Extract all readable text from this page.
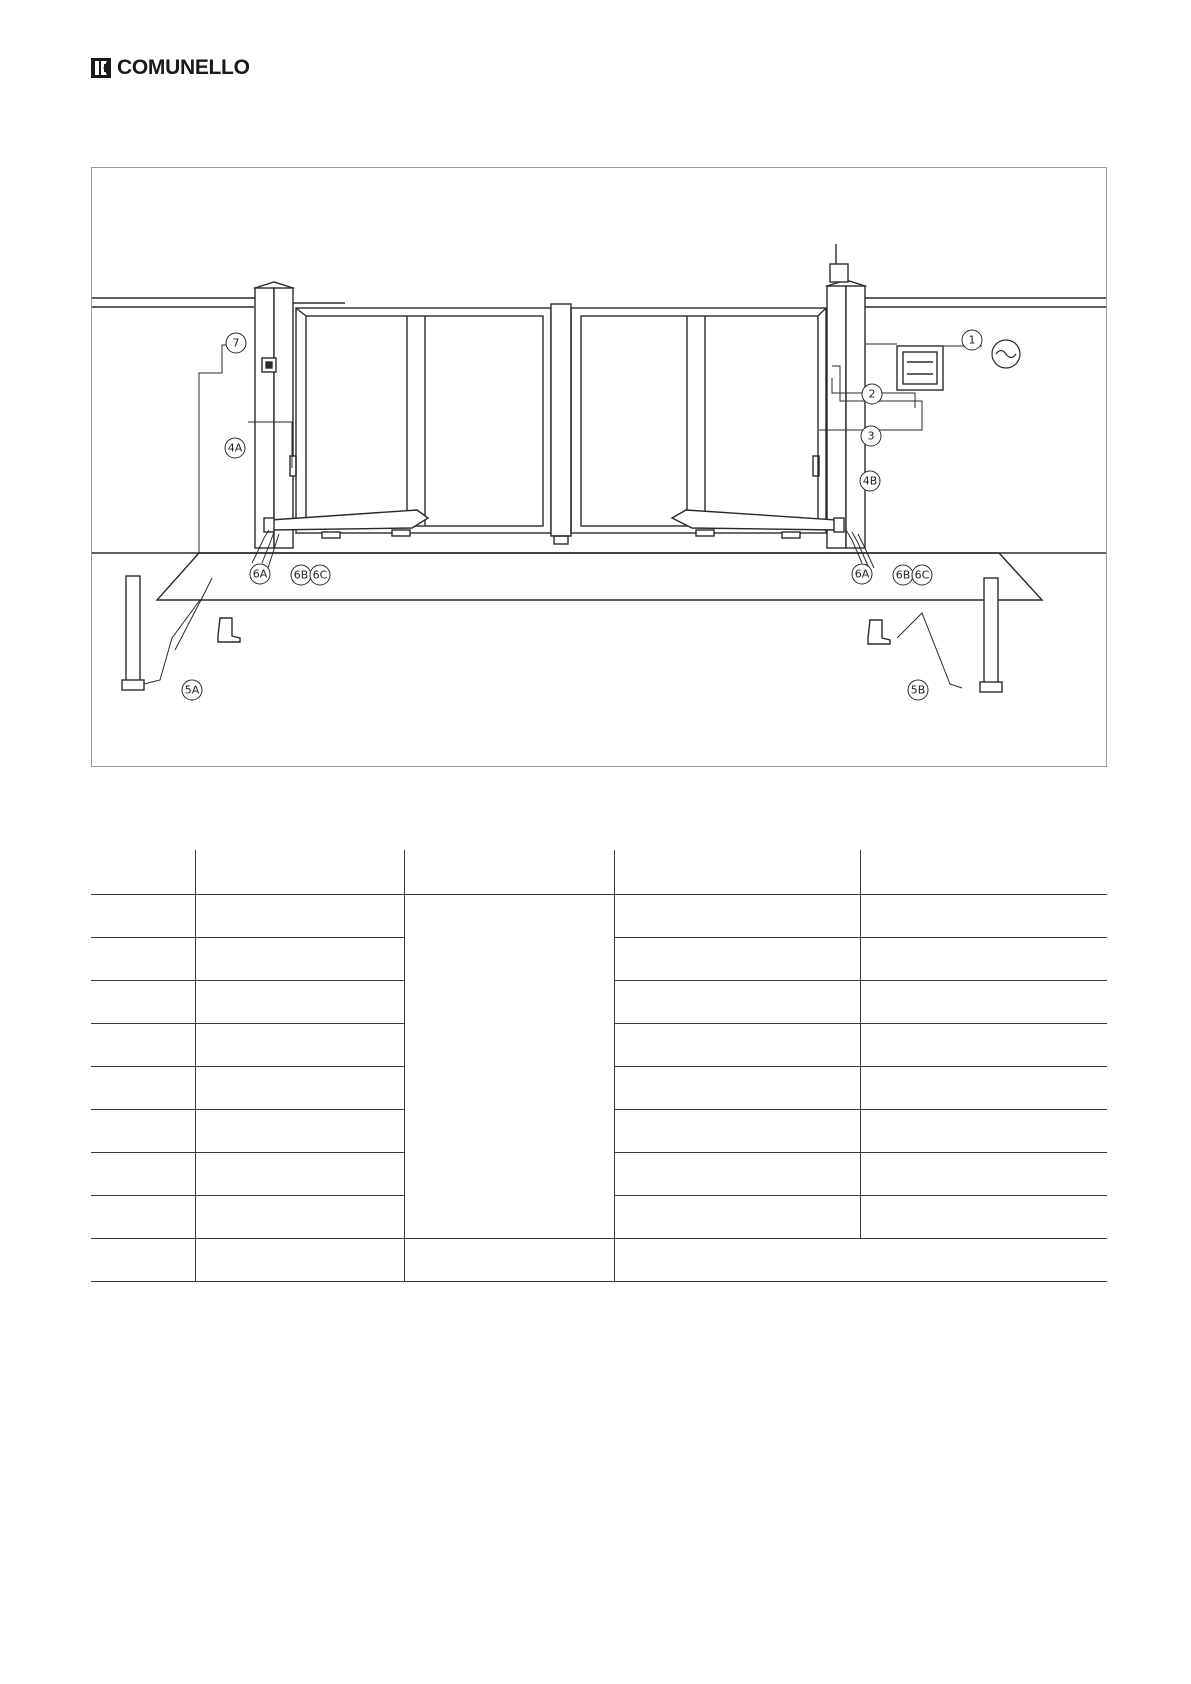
COMUNELLO
1
2
3
4A
4B
5A	5B
6A 6B 6C	6A 6B 6C
7
